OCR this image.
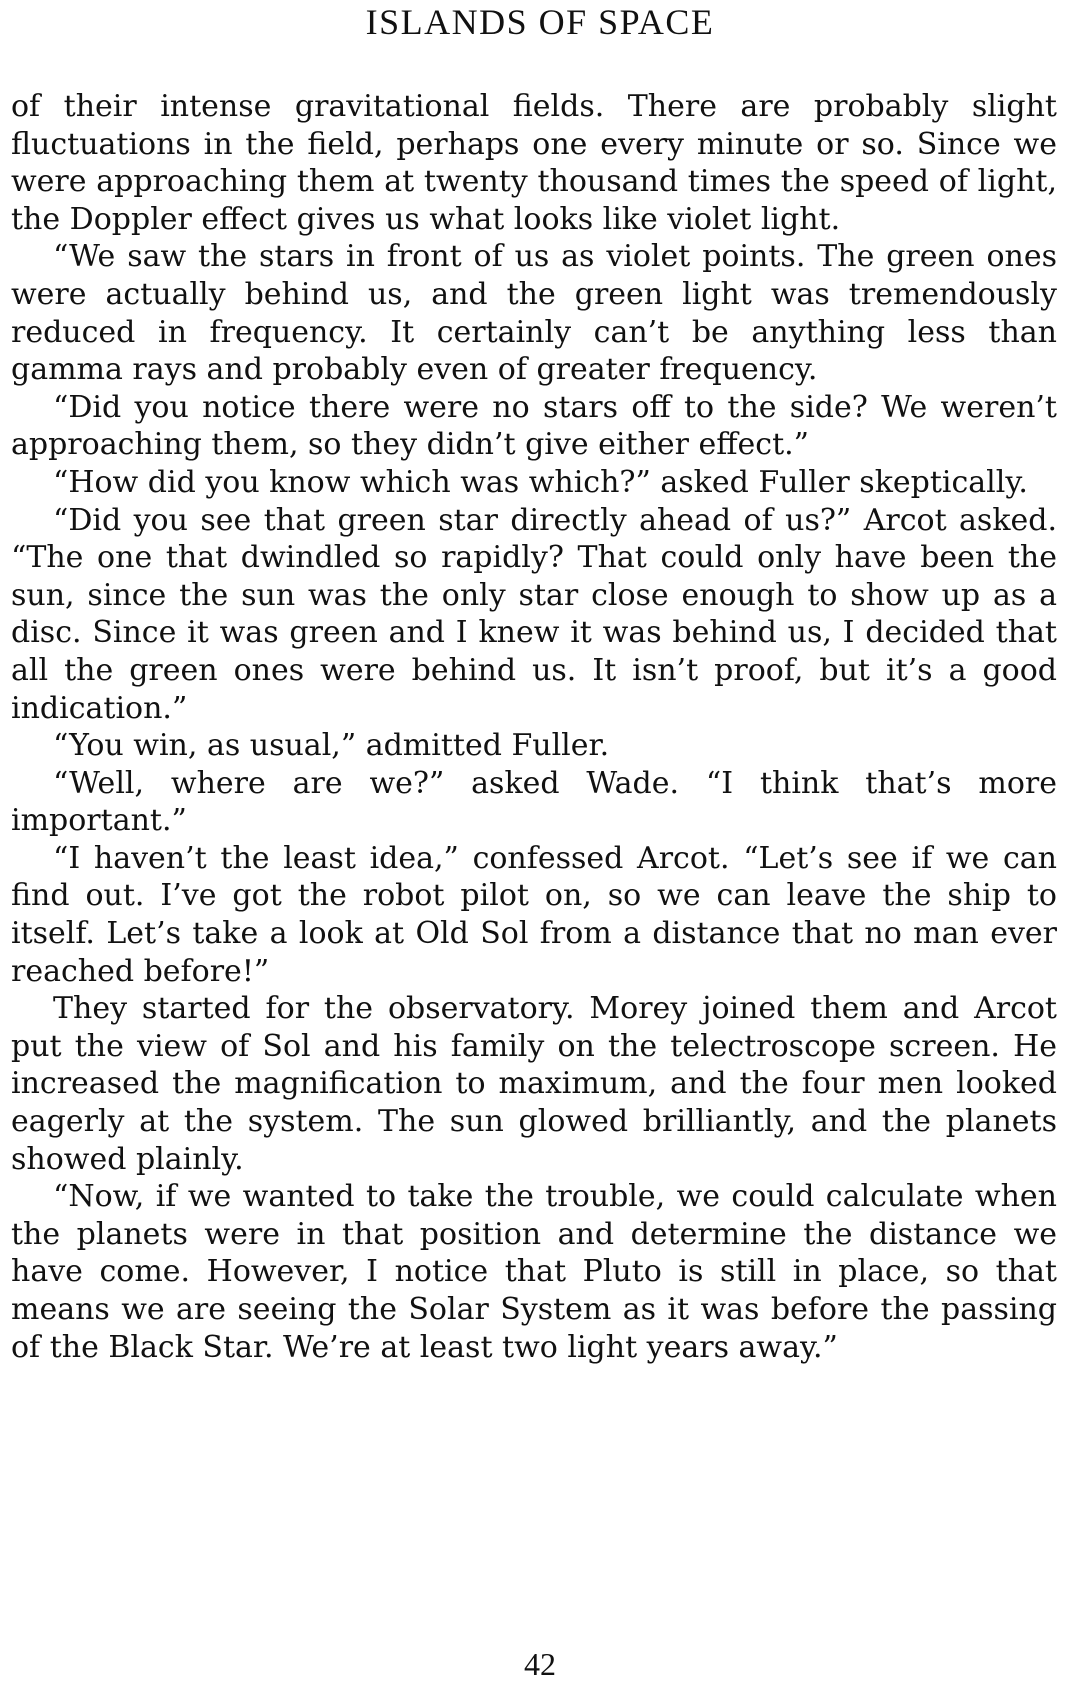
ISLANDS OF SPACE

of their intense gravitational fields. There are probably slight fluctuations in the field, perhaps one every minute or so. Since we were approaching them at twenty thousand times the speed of light, the Doppler effect gives us what looks like violet light.

“We saw the stars in front of us as violet points. The green ones were actually behind us, and the green light was tremendously reduced in frequency. It certainly can’t be anything less than gamma rays and probably even of greater frequency.

“Did you notice there were no stars off to the side? We weren’t approaching them, so they didn’t give either effect.”

“How did you know which was which?” asked Fuller skeptically.

“Did you see that green star directly ahead of us?” Arcot asked. “The one that dwindled so rapidly? That could only have been the sun, since the sun was the only star close enough to show up as a disc. Since it was green and I knew it was behind us, I decided that all the green ones were behind us. It isn’t proof, but it’s a good indication.”

“You win, as usual,” admitted Fuller.

“Well, where are we?” asked Wade. “I think that’s more important.”

“I haven’t the least idea,” confessed Arcot. “Let’s see if we can find out. I’ve got the robot pilot on, so we can leave the ship to itself. Let’s take a look at Old Sol from a distance that no man ever reached before!”

They started for the observatory. Morey joined them and Arcot put the view of Sol and his family on the telectroscope screen. He increased the magnification to maximum, and the four men looked eagerly at the system. The sun glowed brilliantly, and the planets showed plainly.

“Now, if we wanted to take the trouble, we could calculate when the planets were in that position and determine the distance we have come. However, I notice that Pluto is still in place, so that means we are seeing the Solar System as it was before the passing of the Black Star. We’re at least two light years away.”

42
